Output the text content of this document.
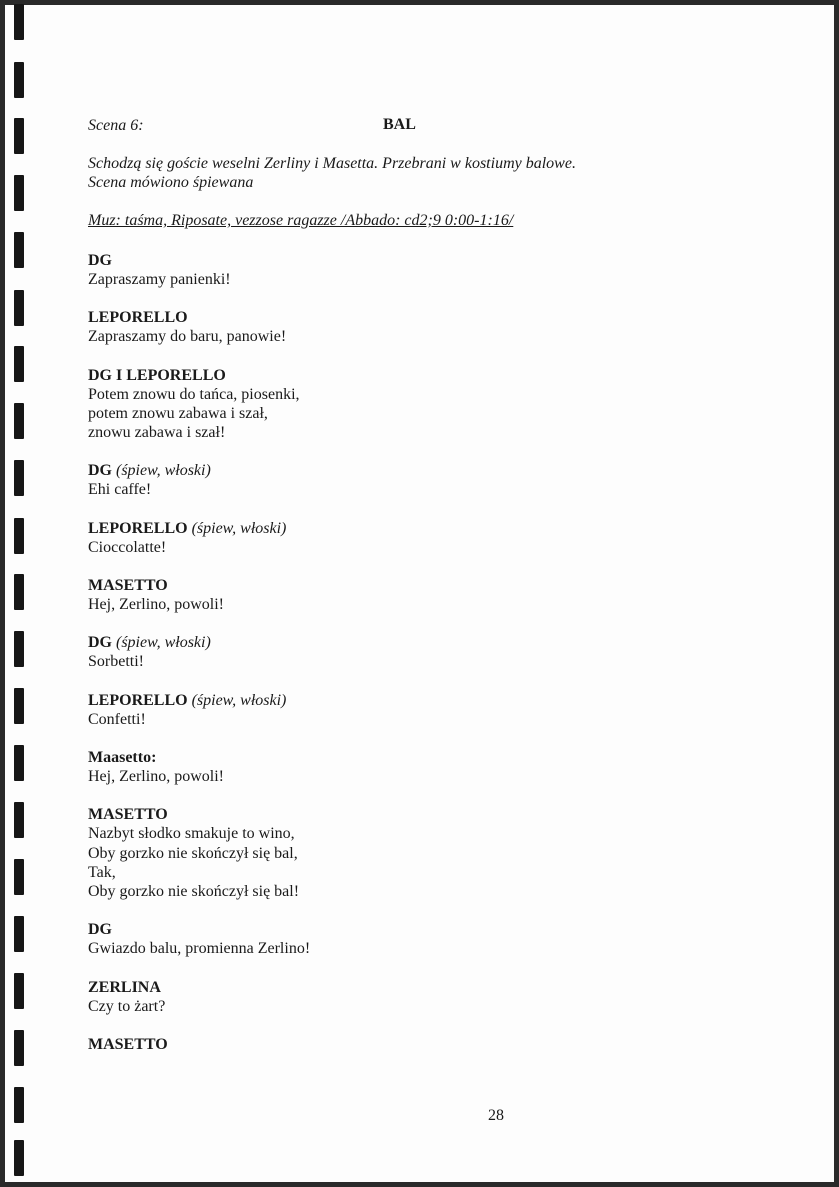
Scena 6:	BAL
Schodzą się goście weselni Zerliny i Masetta. Przebrani w kostiumy balowe.
Scena mówiono śpiewana
Muz: taśma, Riposate, vezzose ragazze /Abbado: cd2;9 0:00-1:16/
DG
Zapraszamy panienki!
LEPORELLO
Zapraszamy do baru, panowie!
DG I LEPORELLO
Potem znowu do tańca, piosenki,
potem znowu zabawa i szał,
znowu zabawa i szał!
DG (śpiew, włoski)
Ehi caffe!
LEPORELLO (śpiew, włoski)
Cioccolatte!
MASETTO
Hej, Zerlino, powoli!
DG (śpiew, włoski)
Sorbetti!
LEPORELLO (śpiew, włoski)
Confetti!
Maasetto:
Hej, Zerlino, powoli!
MASETTO
Nazbyt słodko smakuje to wino,
Oby gorzko nie skończył się bal,
Tak,
Oby gorzko nie skończył się bal!
DG
Gwiazdo balu, promienna Zerlino!
ZERLINA
Czy to żart?
MASETTO
28
